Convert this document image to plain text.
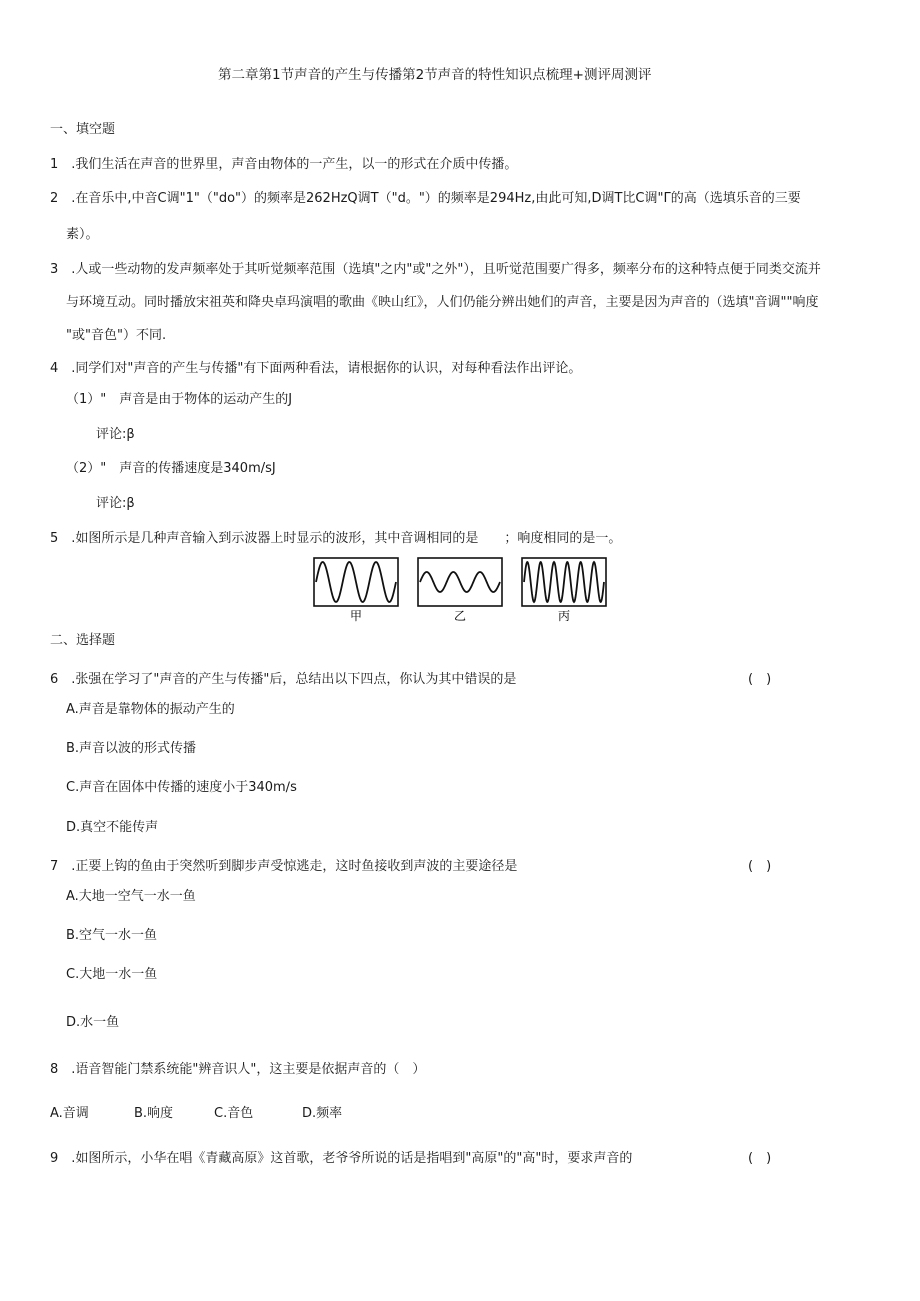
第二章第1节声音的产生与传播第2节声音的特性知识点梳理+测评周测评
一、填空题
1　.我们生活在声音的世界里，声音由物体的一产生，以一的形式在介质中传播。
2　.在音乐中,中音C调"1"（"do"）的频率是262HzQ调T（"d。"）的频率是294Hz,由此可知,D调T比C调"Γ的高（选填乐音的三要
素）。
3　.人或一些动物的发声频率处于其听觉频率范围（选填"之内"或"之外"），且听觉范围要广得多，频率分布的这种特点便于同类交流并
与环境互动。同时播放宋祖英和降央卓玛演唱的歌曲《映山红》，人们仍能分辨出她们的声音，主要是因为声音的（选填"音调""响度
"或"音色"）不同.
4　.同学们对"声音的产生与传播"有下面两种看法，请根据你的认识，对每种看法作出评论。
（1）"　声音是由于物体的运动产生的J
评论:β
（2）"　声音的传播速度是340m/sJ
评论:β
5　.如图所示是几种声音输入到示波器上时显示的波形，其中音调相同的是　　；响度相同的是一。
甲	乙	丙
二、选择题
6　.张强在学习了"声音的产生与传播"后，总结出以下四点，你认为其中错误的是	(　)
A.声音是靠物体的振动产生的
B.声音以波的形式传播
C.声音在固体中传播的速度小于340m∕s
D.真空不能传声
7　.正要上钩的鱼由于突然听到脚步声受惊逃走，这时鱼接收到声波的主要途径是	(　)
A.大地一空气一水一鱼
B.空气一水一鱼
C.大地一水一鱼
D.水一鱼
8　.语音智能门禁系统能"辨音识人"，这主要是依据声音的（　）
A.音调	B.响度	C.音色	D.频率
9　.如图所示，小华在唱《青藏高原》这首歌，老爷爷所说的话是指唱到"高原"的"高"时，要求声音的	(　)
